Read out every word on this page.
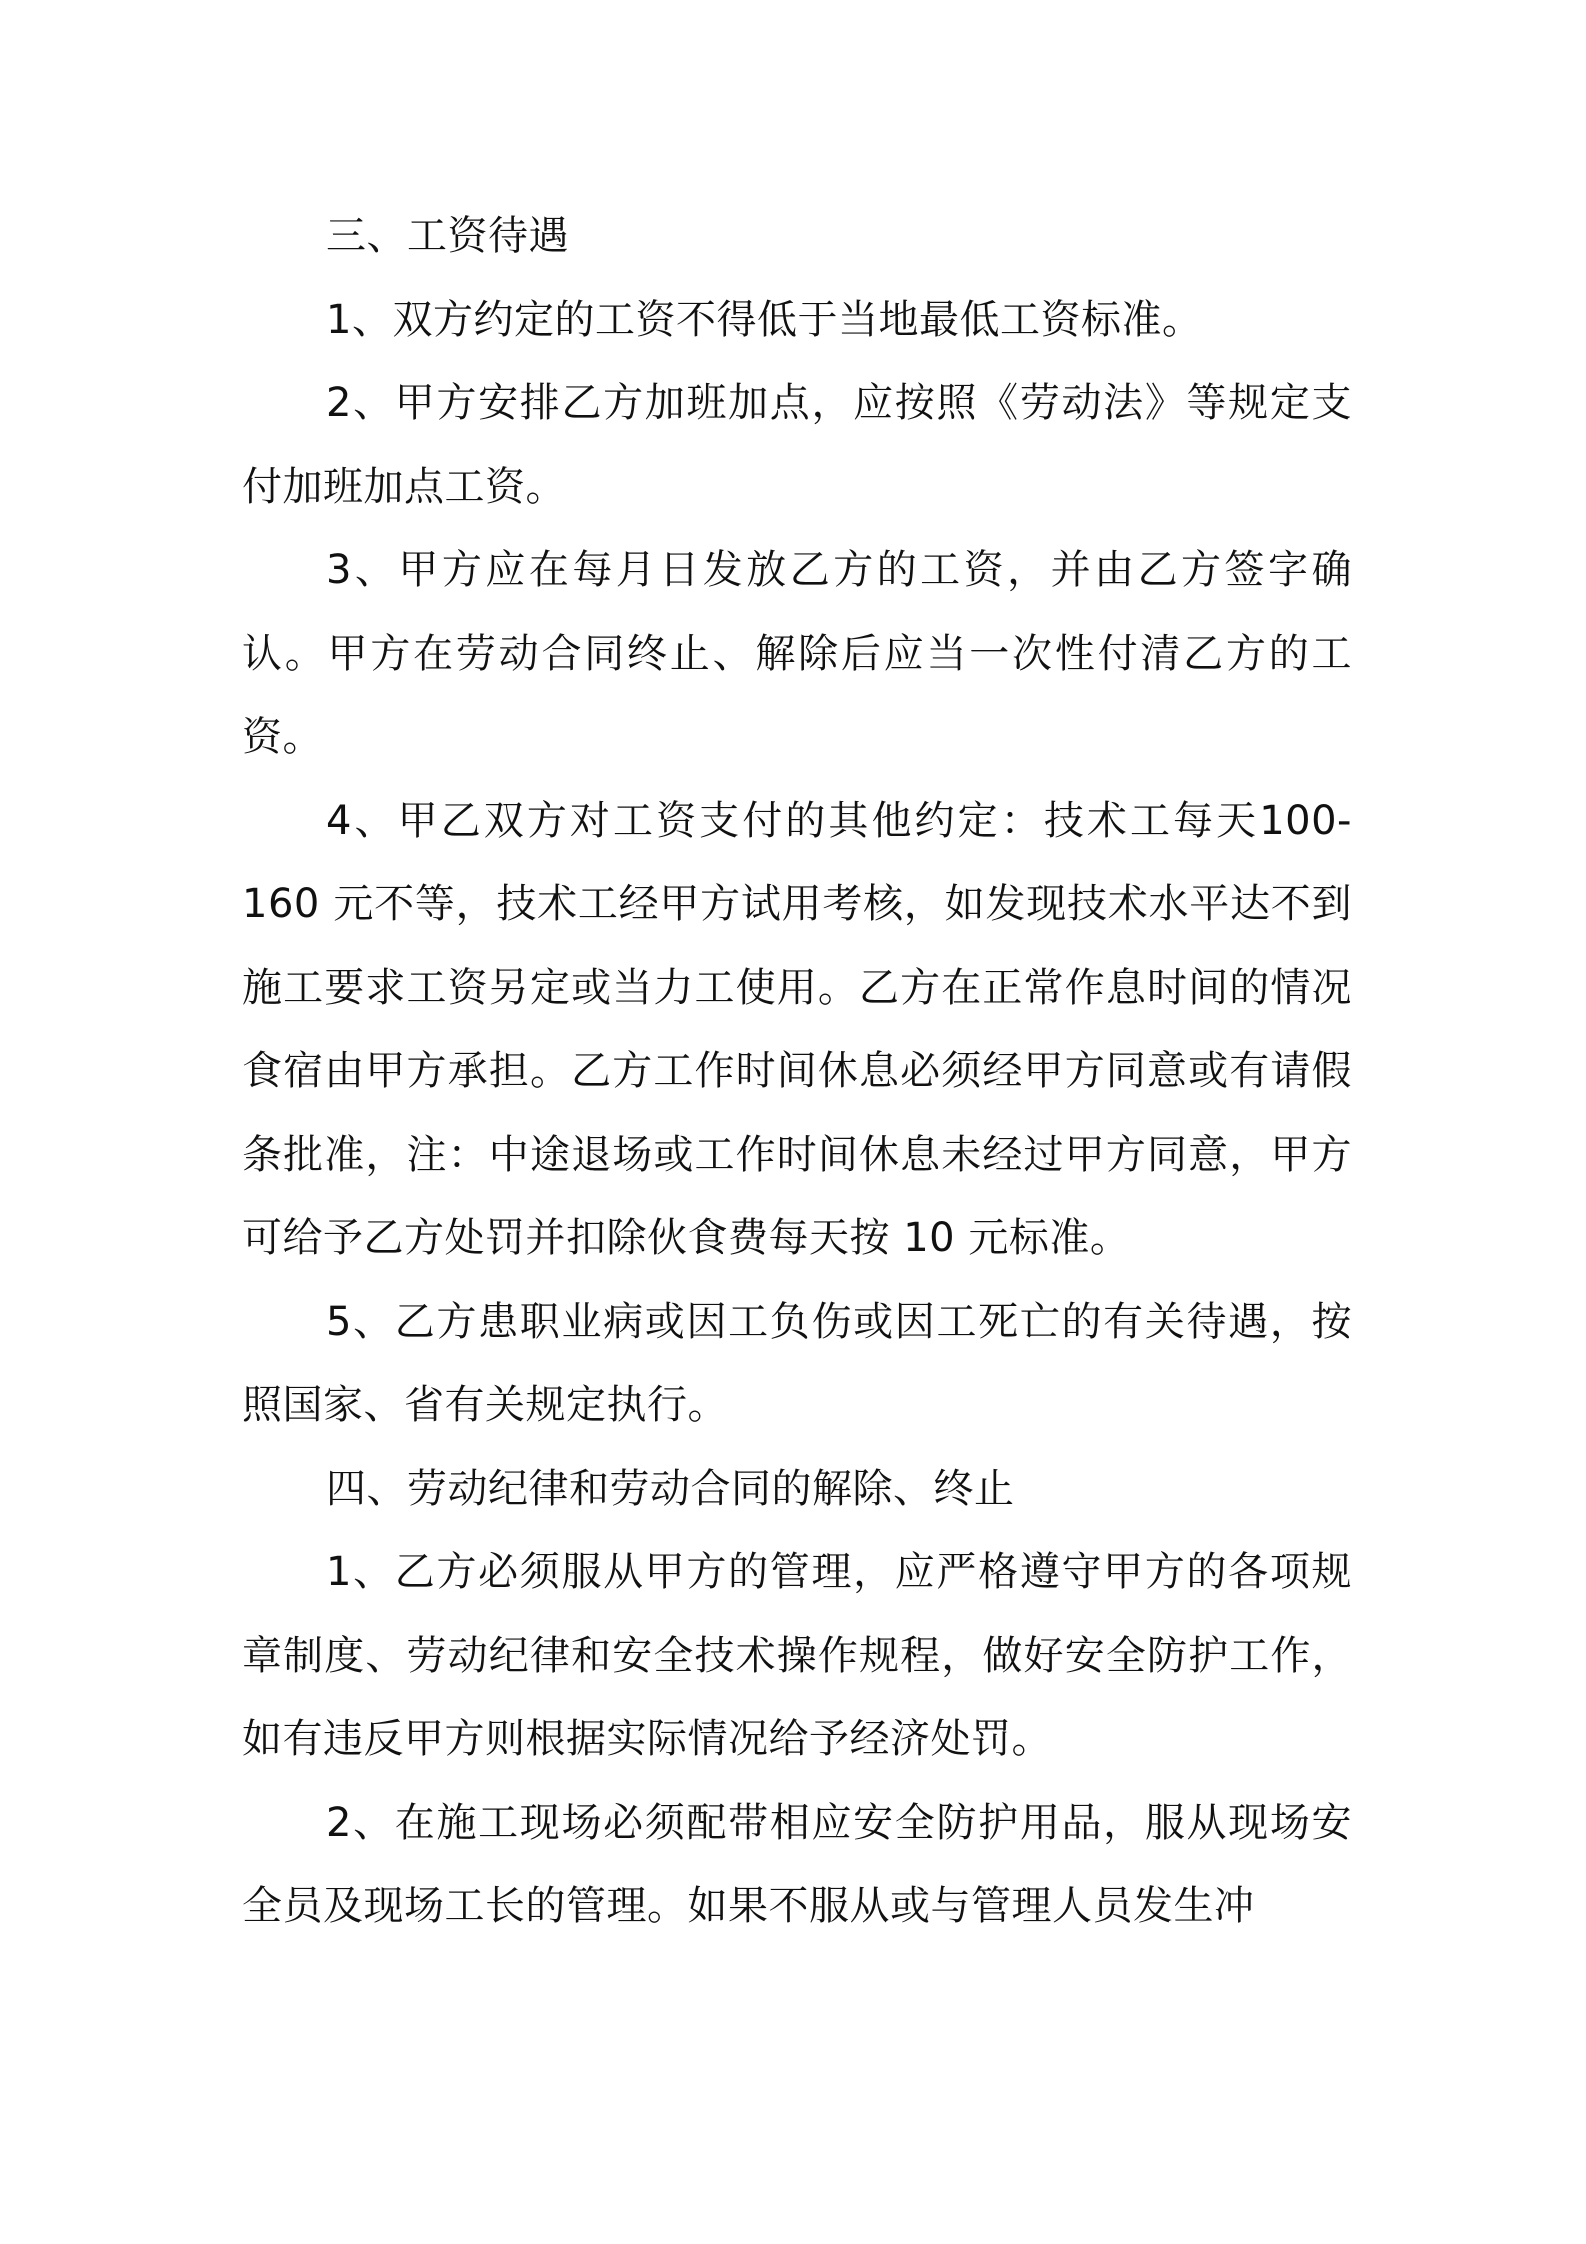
三、工资待遇

1、双方约定的工资不得低于当地最低工资标准。

2、甲方安排乙方加班加点，应按照《劳动法》等规定支付加班加点工资。

3、甲方应在每月日发放乙方的工资，并由乙方签字确认。甲方在劳动合同终止、解除后应当一次性付清乙方的工资。

4、甲乙双方对工资支付的其他约定：技术工每天100-160 元不等，技术工经甲方试用考核，如发现技术水平达不到施工要求工资另定或当力工使用。乙方在正常作息时间的情况食宿由甲方承担。乙方工作时间休息必须经甲方同意或有请假条批准，注：中途退场或工作时间休息未经过甲方同意，甲方可给予乙方处罚并扣除伙食费每天按 10 元标准。

5、乙方患职业病或因工负伤或因工死亡的有关待遇，按照国家、省有关规定执行。

四、劳动纪律和劳动合同的解除、终止

1、乙方必须服从甲方的管理，应严格遵守甲方的各项规章制度、劳动纪律和安全技术操作规程，做好安全防护工作，如有违反甲方则根据实际情况给予经济处罚。

2、在施工现场必须配带相应安全防护用品，服从现场安全员及现场工长的管理。如果不服从或与管理人员发生冲
